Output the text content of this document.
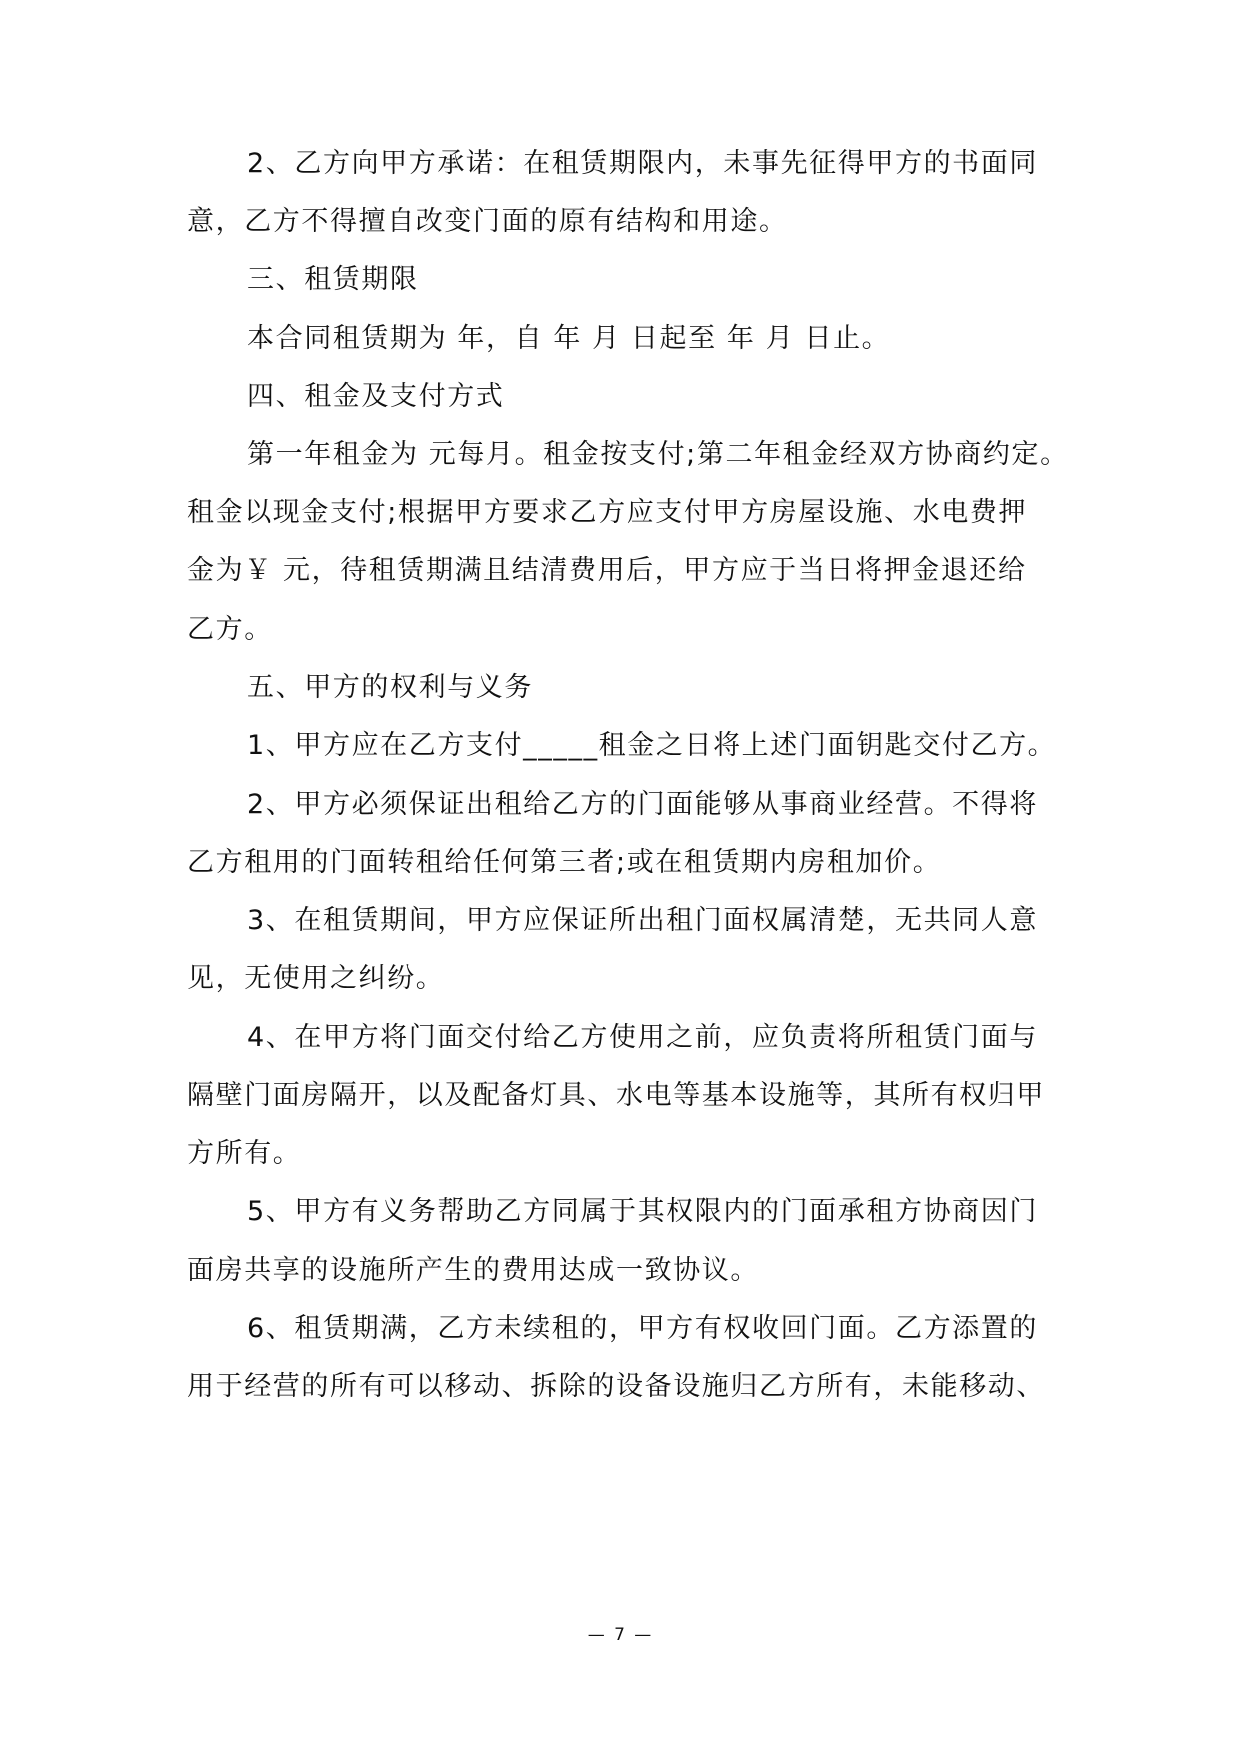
2、乙方向甲方承诺：在租赁期限内，未事先征得甲方的书面同
意，乙方不得擅自改变门面的原有结构和用途。
三、租赁期限
本合同租赁期为 年，自 年 月 日起至 年 月 日止。
四、租金及支付方式
第一年租金为 元每月。租金按支付;第二年租金经双方协商约定。
租金以现金支付;根据甲方要求乙方应支付甲方房屋设施、水电费押
金为￥ 元，待租赁期满且结清费用后，甲方应于当日将押金退还给
乙方。
五、甲方的权利与义务
1、甲方应在乙方支付_____租金之日将上述门面钥匙交付乙方。
2、甲方必须保证出租给乙方的门面能够从事商业经营。不得将
乙方租用的门面转租给任何第三者;或在租赁期内房租加价。
3、在租赁期间，甲方应保证所出租门面权属清楚，无共同人意
见，无使用之纠纷。
4、在甲方将门面交付给乙方使用之前，应负责将所租赁门面与
隔壁门面房隔开，以及配备灯具、水电等基本设施等，其所有权归甲
方所有。
5、甲方有义务帮助乙方同属于其权限内的门面承租方协商因门
面房共享的设施所产生的费用达成一致协议。
6、租赁期满，乙方未续租的，甲方有权收回门面。乙方添置的
用于经营的所有可以移动、拆除的设备设施归乙方所有，未能移动、
— 7 —
